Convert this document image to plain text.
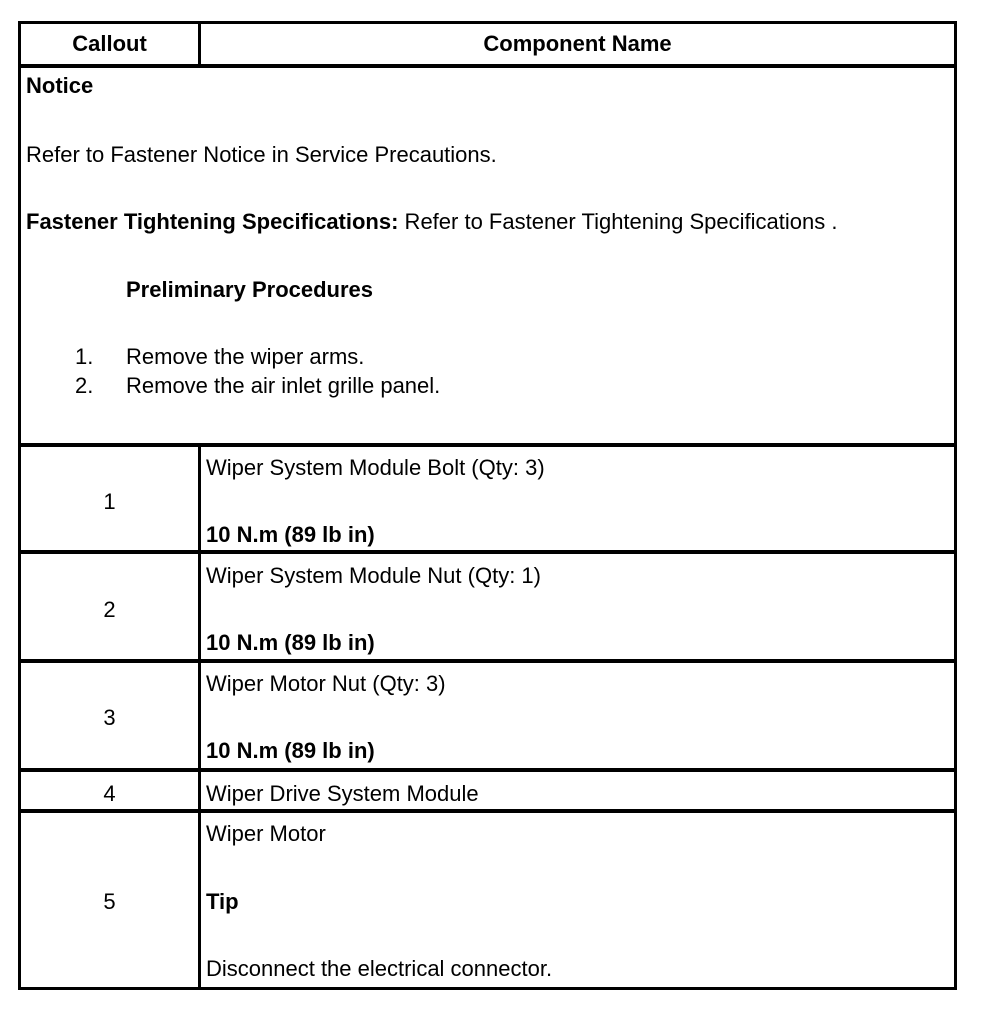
Callout	Component Name
Notice
Refer to Fastener Notice in Service Precautions.
Fastener Tightening Specifications: Refer to Fastener Tightening Specifications .
Preliminary Procedures
1. Remove the wiper arms.
2. Remove the air inlet grille panel.
1
Wiper System Module Bolt (Qty: 3)
10 N.m (89 lb in)
2
Wiper System Module Nut (Qty: 1)
10 N.m (89 lb in)
3
Wiper Motor Nut (Qty: 3)
10 N.m (89 lb in)
4	Wiper Drive System Module
5
Wiper Motor
Tip
Disconnect the electrical connector.
